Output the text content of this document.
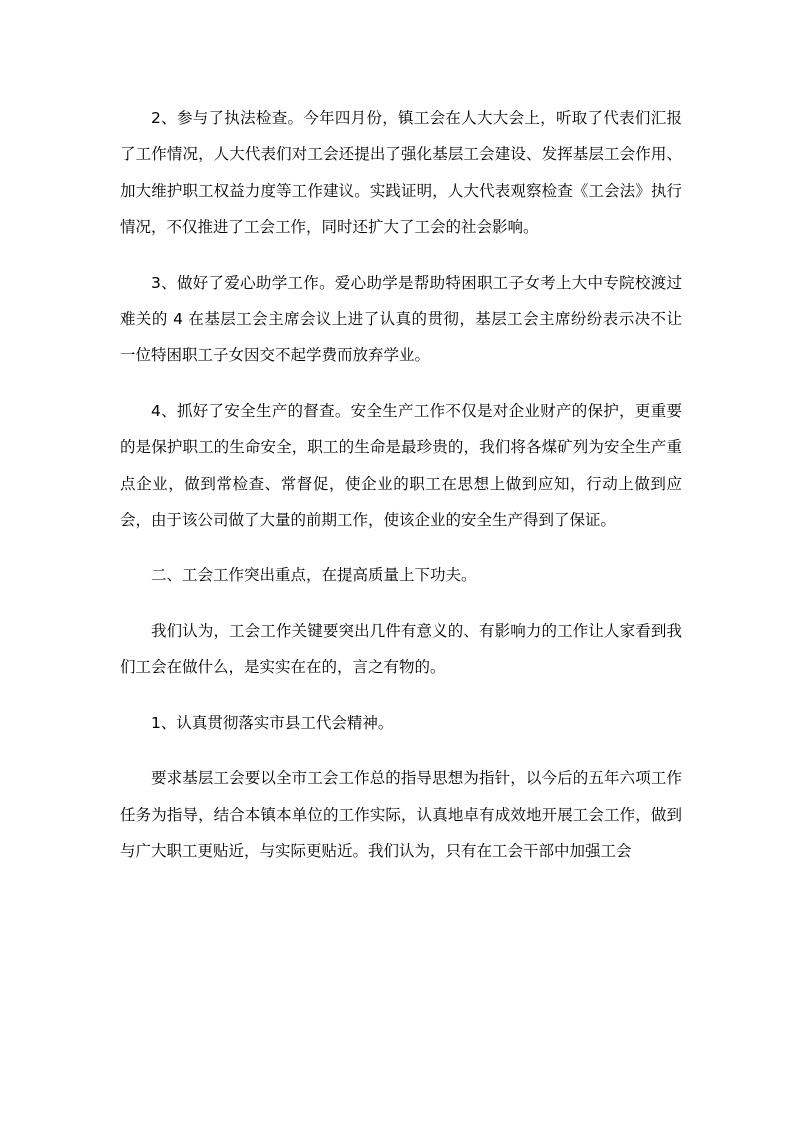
2、参与了执法检查。今年四月份，镇工会在人大大会上，听取了代表们汇报了工作情况，人大代表们对工会还提出了强化基层工会建设、发挥基层工会作用、加大维护职工权益力度等工作建议。实践证明，人大代表观察检查《工会法》执行情况，不仅推进了工会工作，同时还扩大了工会的社会影响。

3、做好了爱心助学工作。爱心助学是帮助特困职工子女考上大中专院校渡过难关的 4 在基层工会主席会议上进了认真的贯彻，基层工会主席纷纷表示决不让一位特困职工子女因交不起学费而放弃学业。

4、抓好了安全生产的督查。安全生产工作不仅是对企业财产的保护，更重要的是保护职工的生命安全，职工的生命是最珍贵的，我们将各煤矿列为安全生产重点企业，做到常检查、常督促，使企业的职工在思想上做到应知，行动上做到应会，由于该公司做了大量的前期工作，使该企业的安全生产得到了保证。

二、工会工作突出重点，在提高质量上下功夫。

我们认为，工会工作关键要突出几件有意义的、有影响力的工作让人家看到我们工会在做什么，是实实在在的，言之有物的。

1、认真贯彻落实市县工代会精神。

要求基层工会要以全市工会工作总的指导思想为指针，以今后的五年六项工作任务为指导，结合本镇本单位的工作实际，认真地卓有成效地开展工会工作，做到与广大职工更贴近，与实际更贴近。我们认为，只有在工会干部中加强工会
